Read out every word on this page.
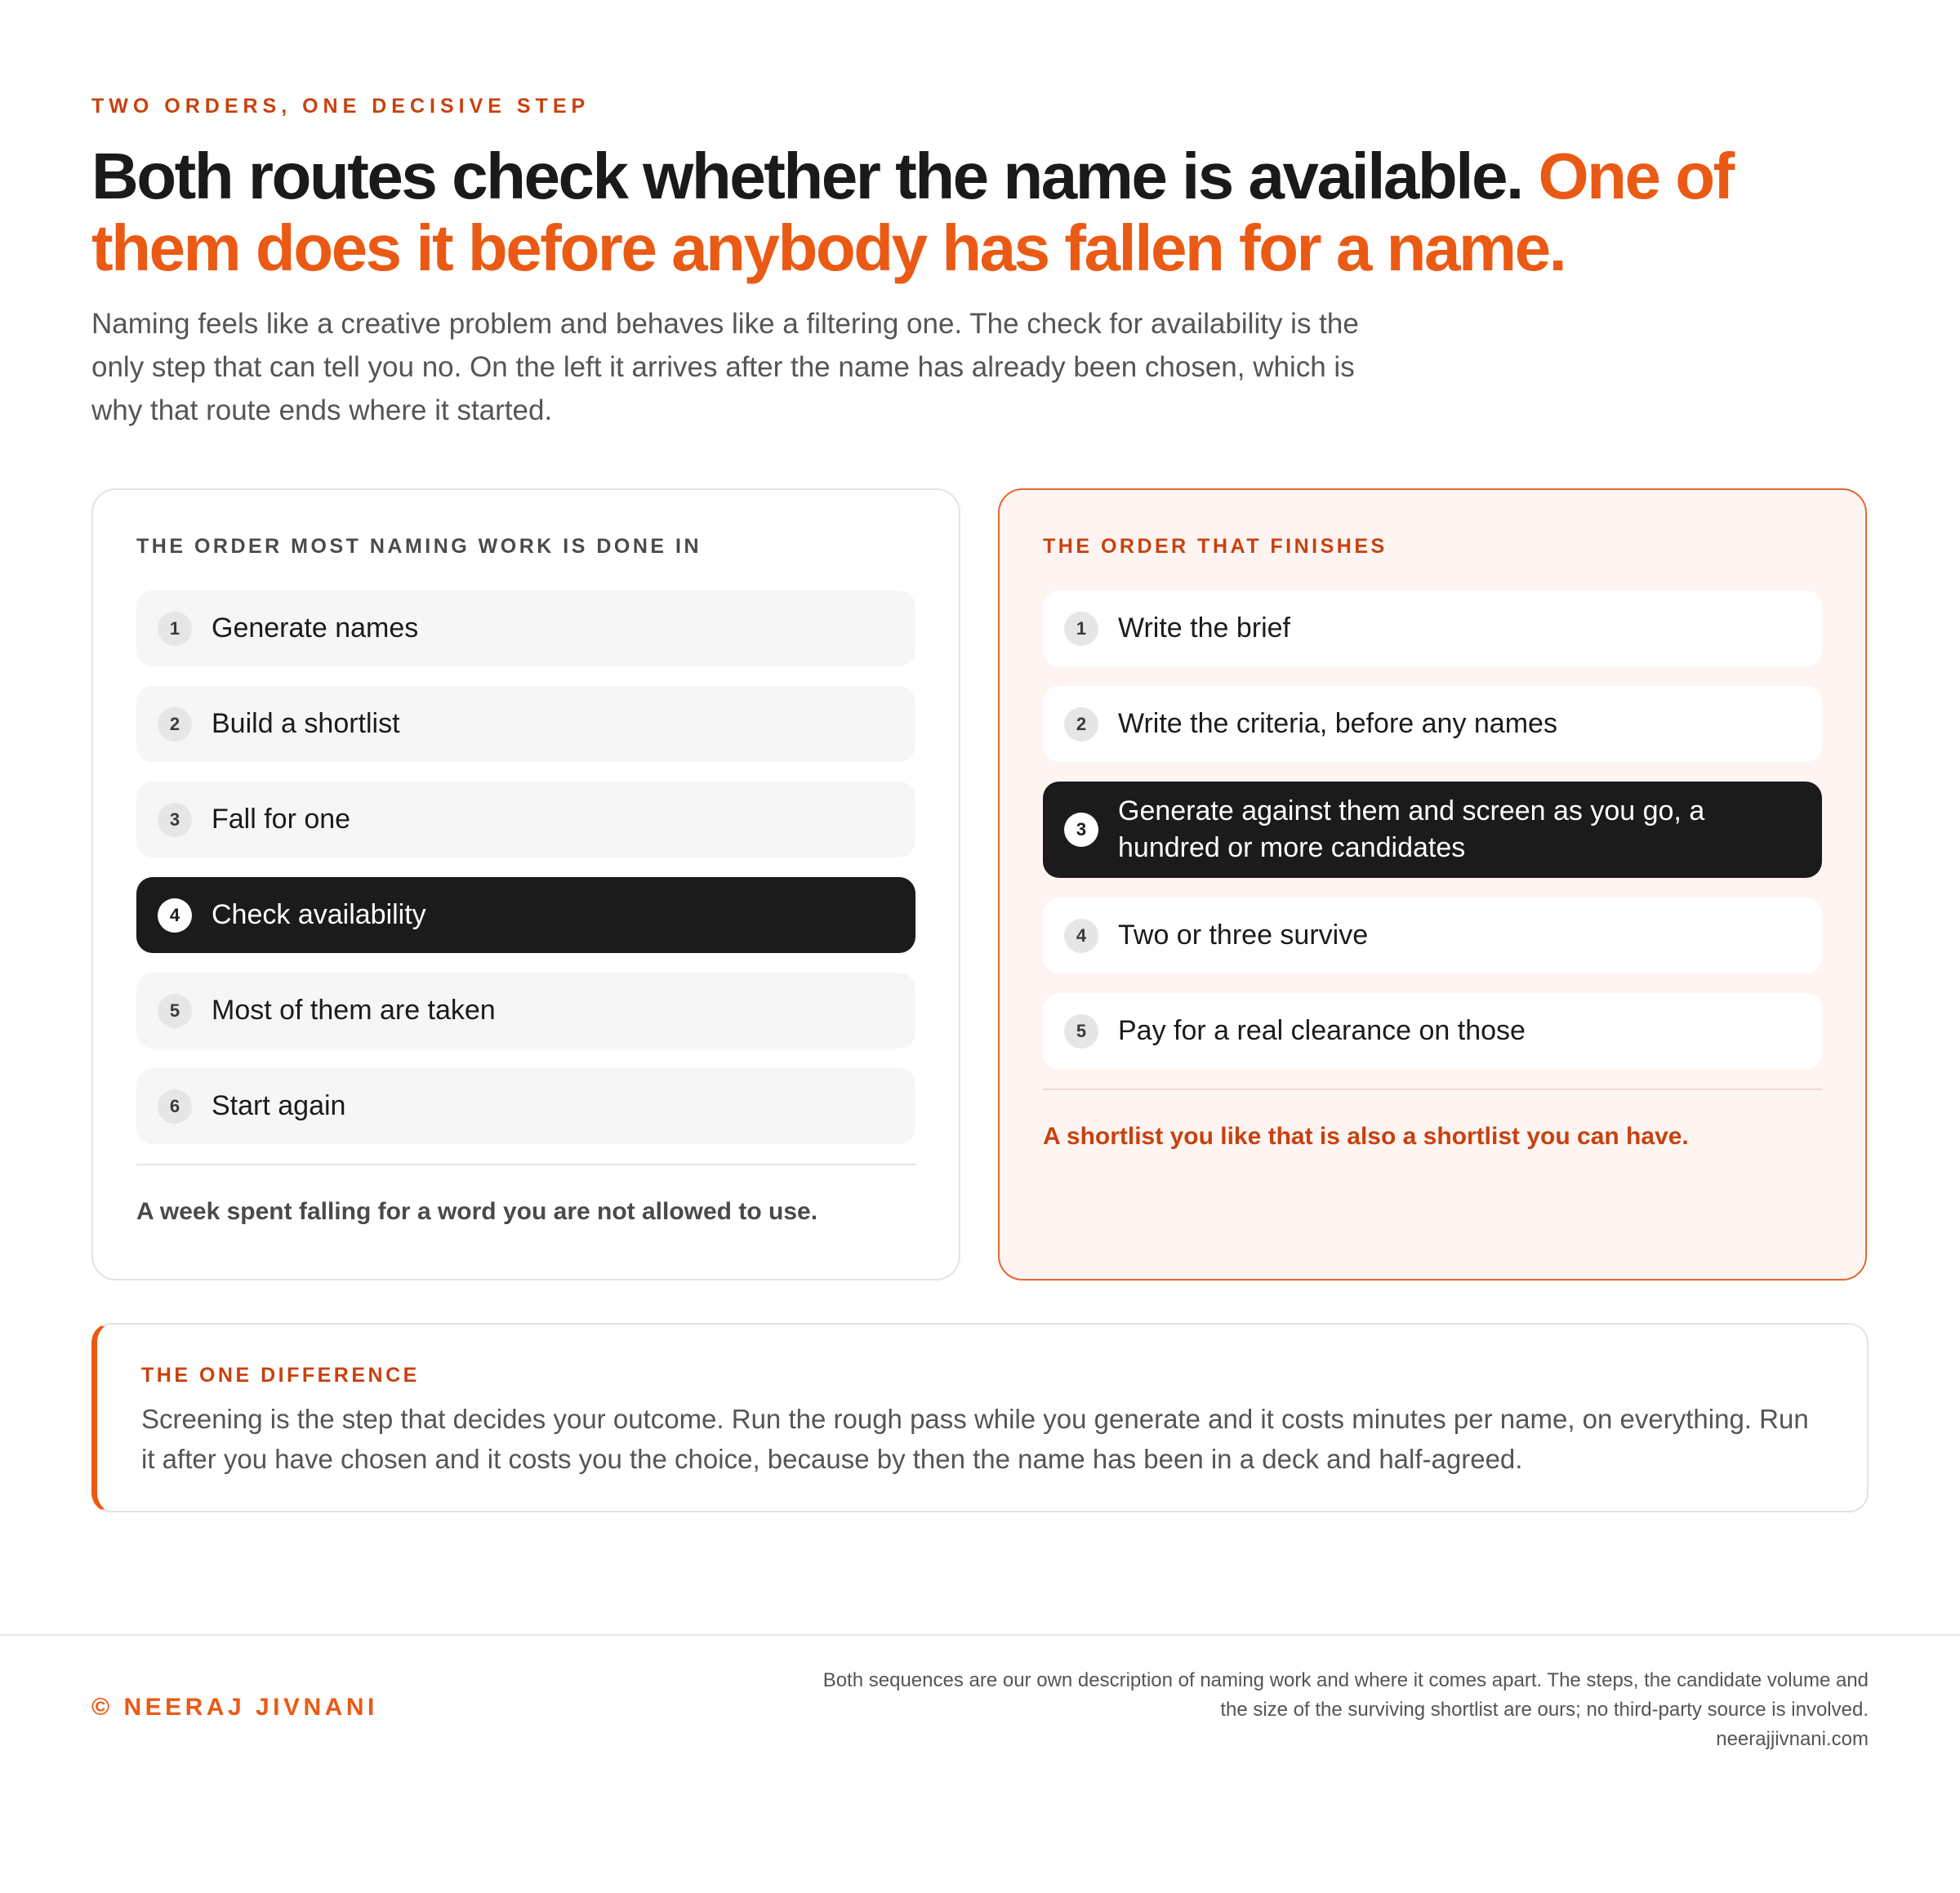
TWO ORDERS, ONE DECISIVE STEP
Both routes check whether the name is available. One of them does it before anybody has fallen for a name.

Naming feels like a creative problem and behaves like a filtering one. The check for availability is the only step that can tell you no. On the left it arrives after the name has already been chosen, which is why that route ends where it started.

THE ORDER MOST NAMING WORK IS DONE IN
1	Generate names
2	Build a shortlist
3	Fall for one
4	Check availability
5	Most of them are taken
6	Start again
A week spent falling for a word you are not allowed to use.
THE ORDER THAT FINISHES
1	Write the brief
2	Write the criteria, before any names
3
Generate against them and screen as you go, a hundred or more candidates
4	Two or three survive
5	Pay for a real clearance on those
A shortlist you like that is also a shortlist you can have.
THE ONE DIFFERENCE

Screening is the step that decides your outcome. Run the rough pass while you generate and it costs minutes per name, on everything. Run it after you have chosen and it costs you the choice, because by then the name has been in a deck and half-agreed.

© NEERAJ JIVNANI
Both sequences are our own description of naming work and where it comes apart. The steps, the candidate volume and
the size of the surviving shortlist are ours; no third-party source is involved.
neerajjivnani.com
